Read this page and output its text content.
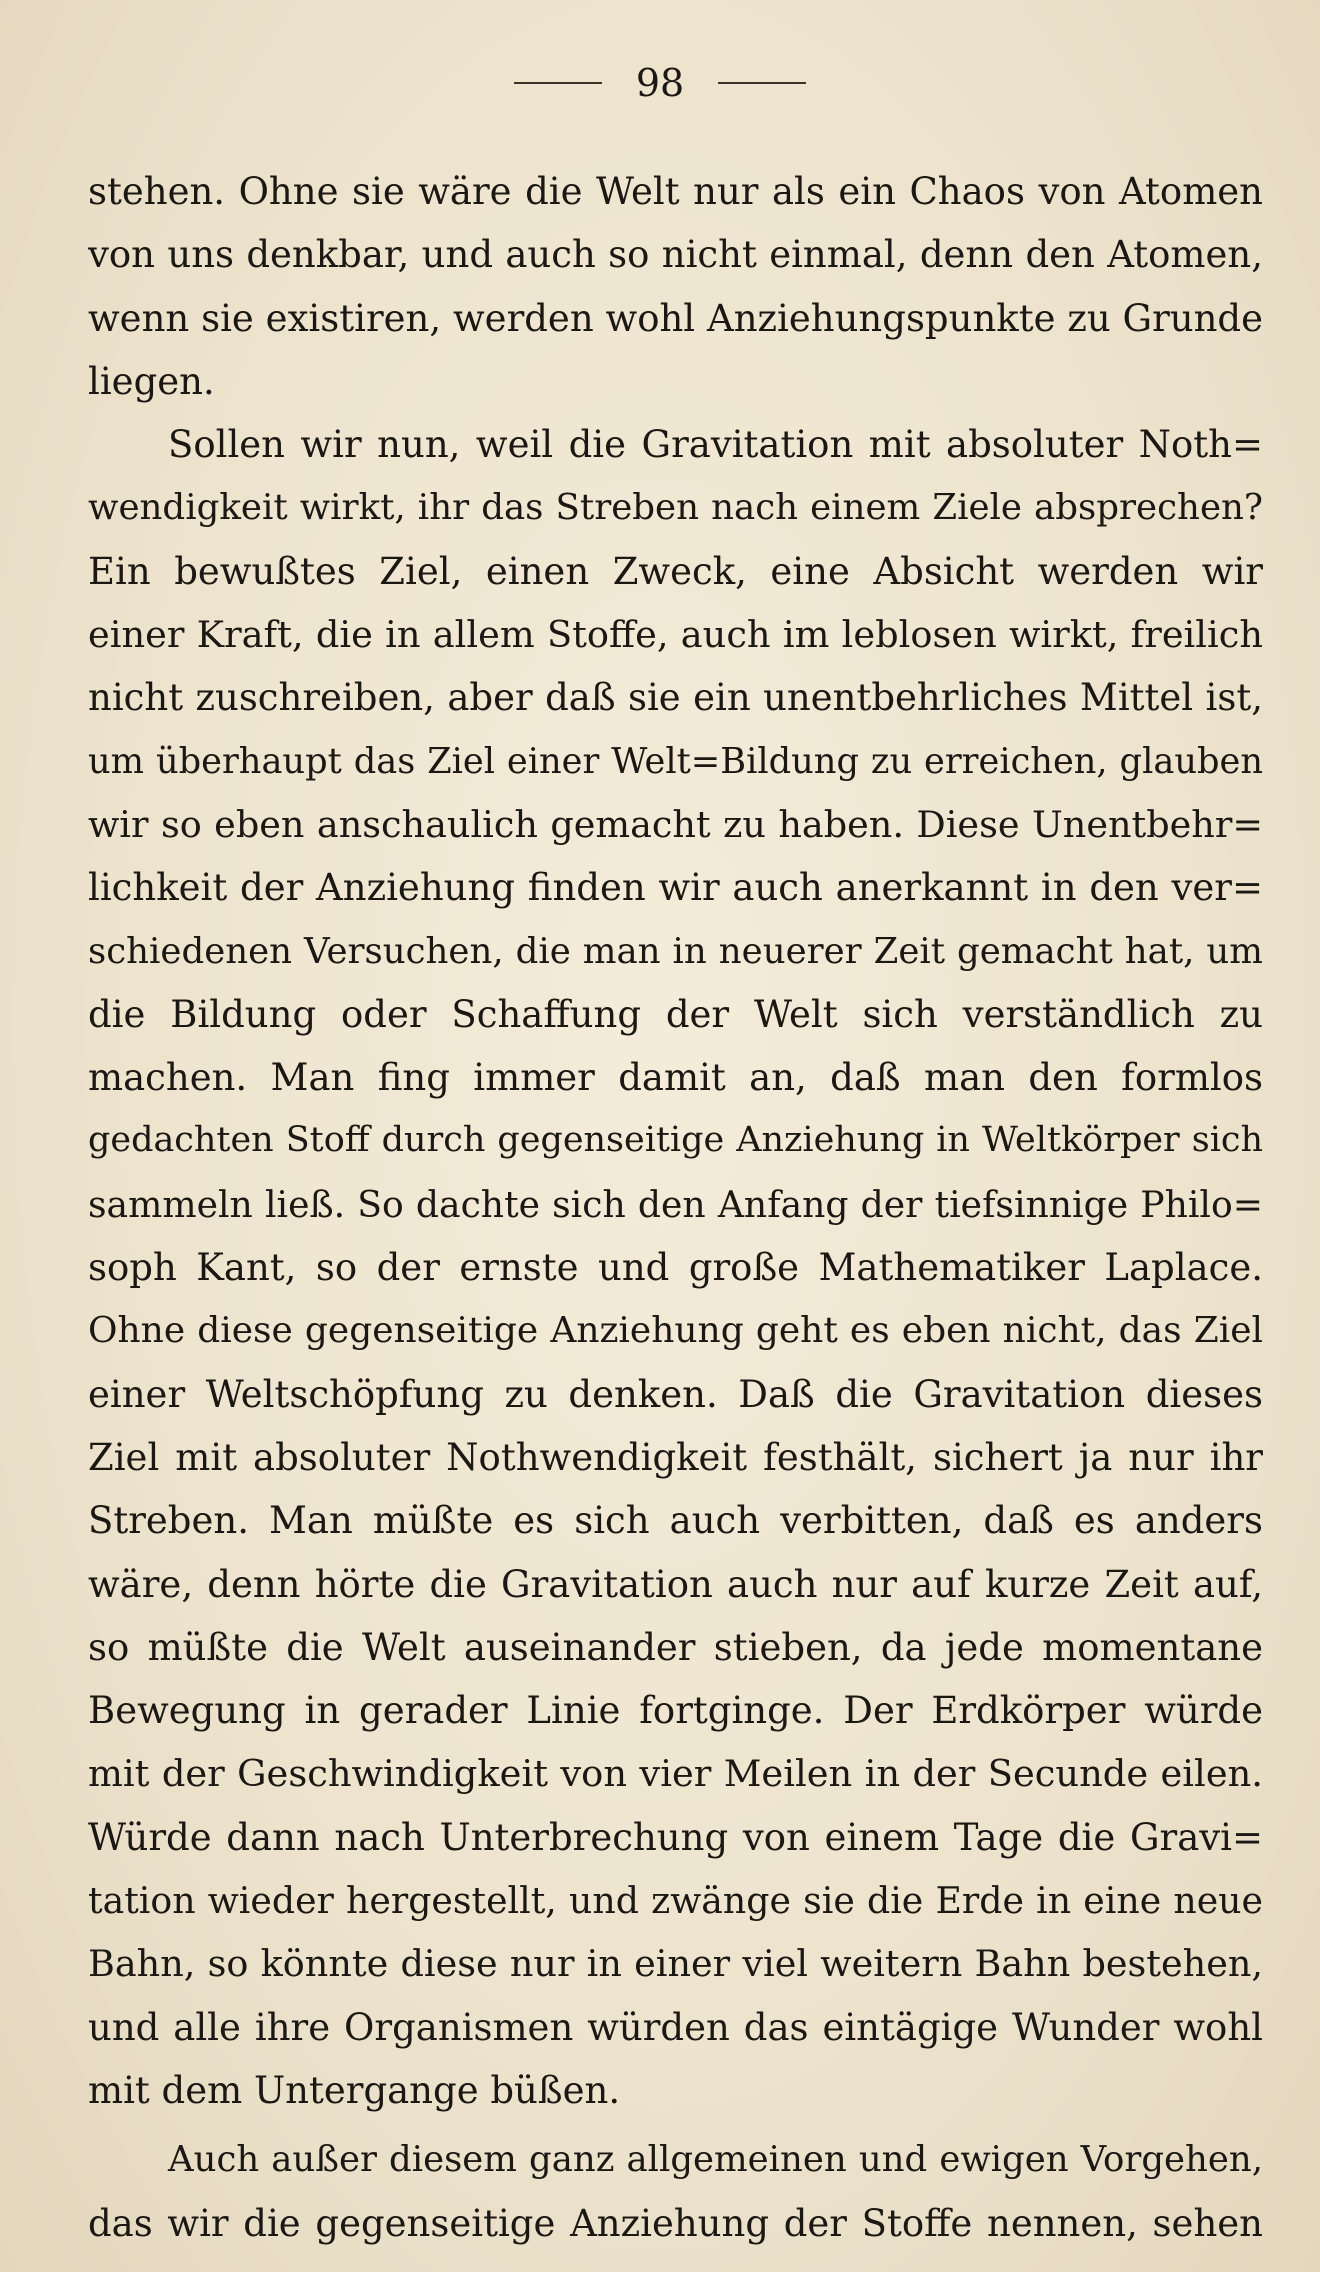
98
stehen. Ohne sie wäre die Welt nur als ein Chaos von Atomen
von uns denkbar, und auch so nicht einmal, denn den Atomen,
wenn sie existiren, werden wohl Anziehungspunkte zu Grunde
liegen.
Sollen wir nun, weil die Gravitation mit absoluter Noth=
wendigkeit wirkt, ihr das Streben nach einem Ziele absprechen?
Ein bewußtes Ziel, einen Zweck, eine Absicht werden wir
einer Kraft, die in allem Stoffe, auch im leblosen wirkt, freilich
nicht zuschreiben, aber daß sie ein unentbehrliches Mittel ist,
um überhaupt das Ziel einer Welt=Bildung zu erreichen, glauben
wir so eben anschaulich gemacht zu haben. Diese Unentbehr=
lichkeit der Anziehung finden wir auch anerkannt in den ver=
schiedenen Versuchen, die man in neuerer Zeit gemacht hat, um
die Bildung oder Schaffung der Welt sich verständlich zu
machen. Man fing immer damit an, daß man den formlos
gedachten Stoff durch gegenseitige Anziehung in Weltkörper sich
sammeln ließ. So dachte sich den Anfang der tiefsinnige Philo=
soph Kant, so der ernste und große Mathematiker Laplace.
Ohne diese gegenseitige Anziehung geht es eben nicht, das Ziel
einer Weltschöpfung zu denken. Daß die Gravitation dieses
Ziel mit absoluter Nothwendigkeit festhält, sichert ja nur ihr
Streben. Man müßte es sich auch verbitten, daß es anders
wäre, denn hörte die Gravitation auch nur auf kurze Zeit auf,
so müßte die Welt auseinander stieben, da jede momentane
Bewegung in gerader Linie fortginge. Der Erdkörper würde
mit der Geschwindigkeit von vier Meilen in der Secunde eilen.
Würde dann nach Unterbrechung von einem Tage die Gravi=
tation wieder hergestellt, und zwänge sie die Erde in eine neue
Bahn, so könnte diese nur in einer viel weitern Bahn bestehen,
und alle ihre Organismen würden das eintägige Wunder wohl
mit dem Untergange büßen.
Auch außer diesem ganz allgemeinen und ewigen Vorgehen,
das wir die gegenseitige Anziehung der Stoffe nennen, sehen
